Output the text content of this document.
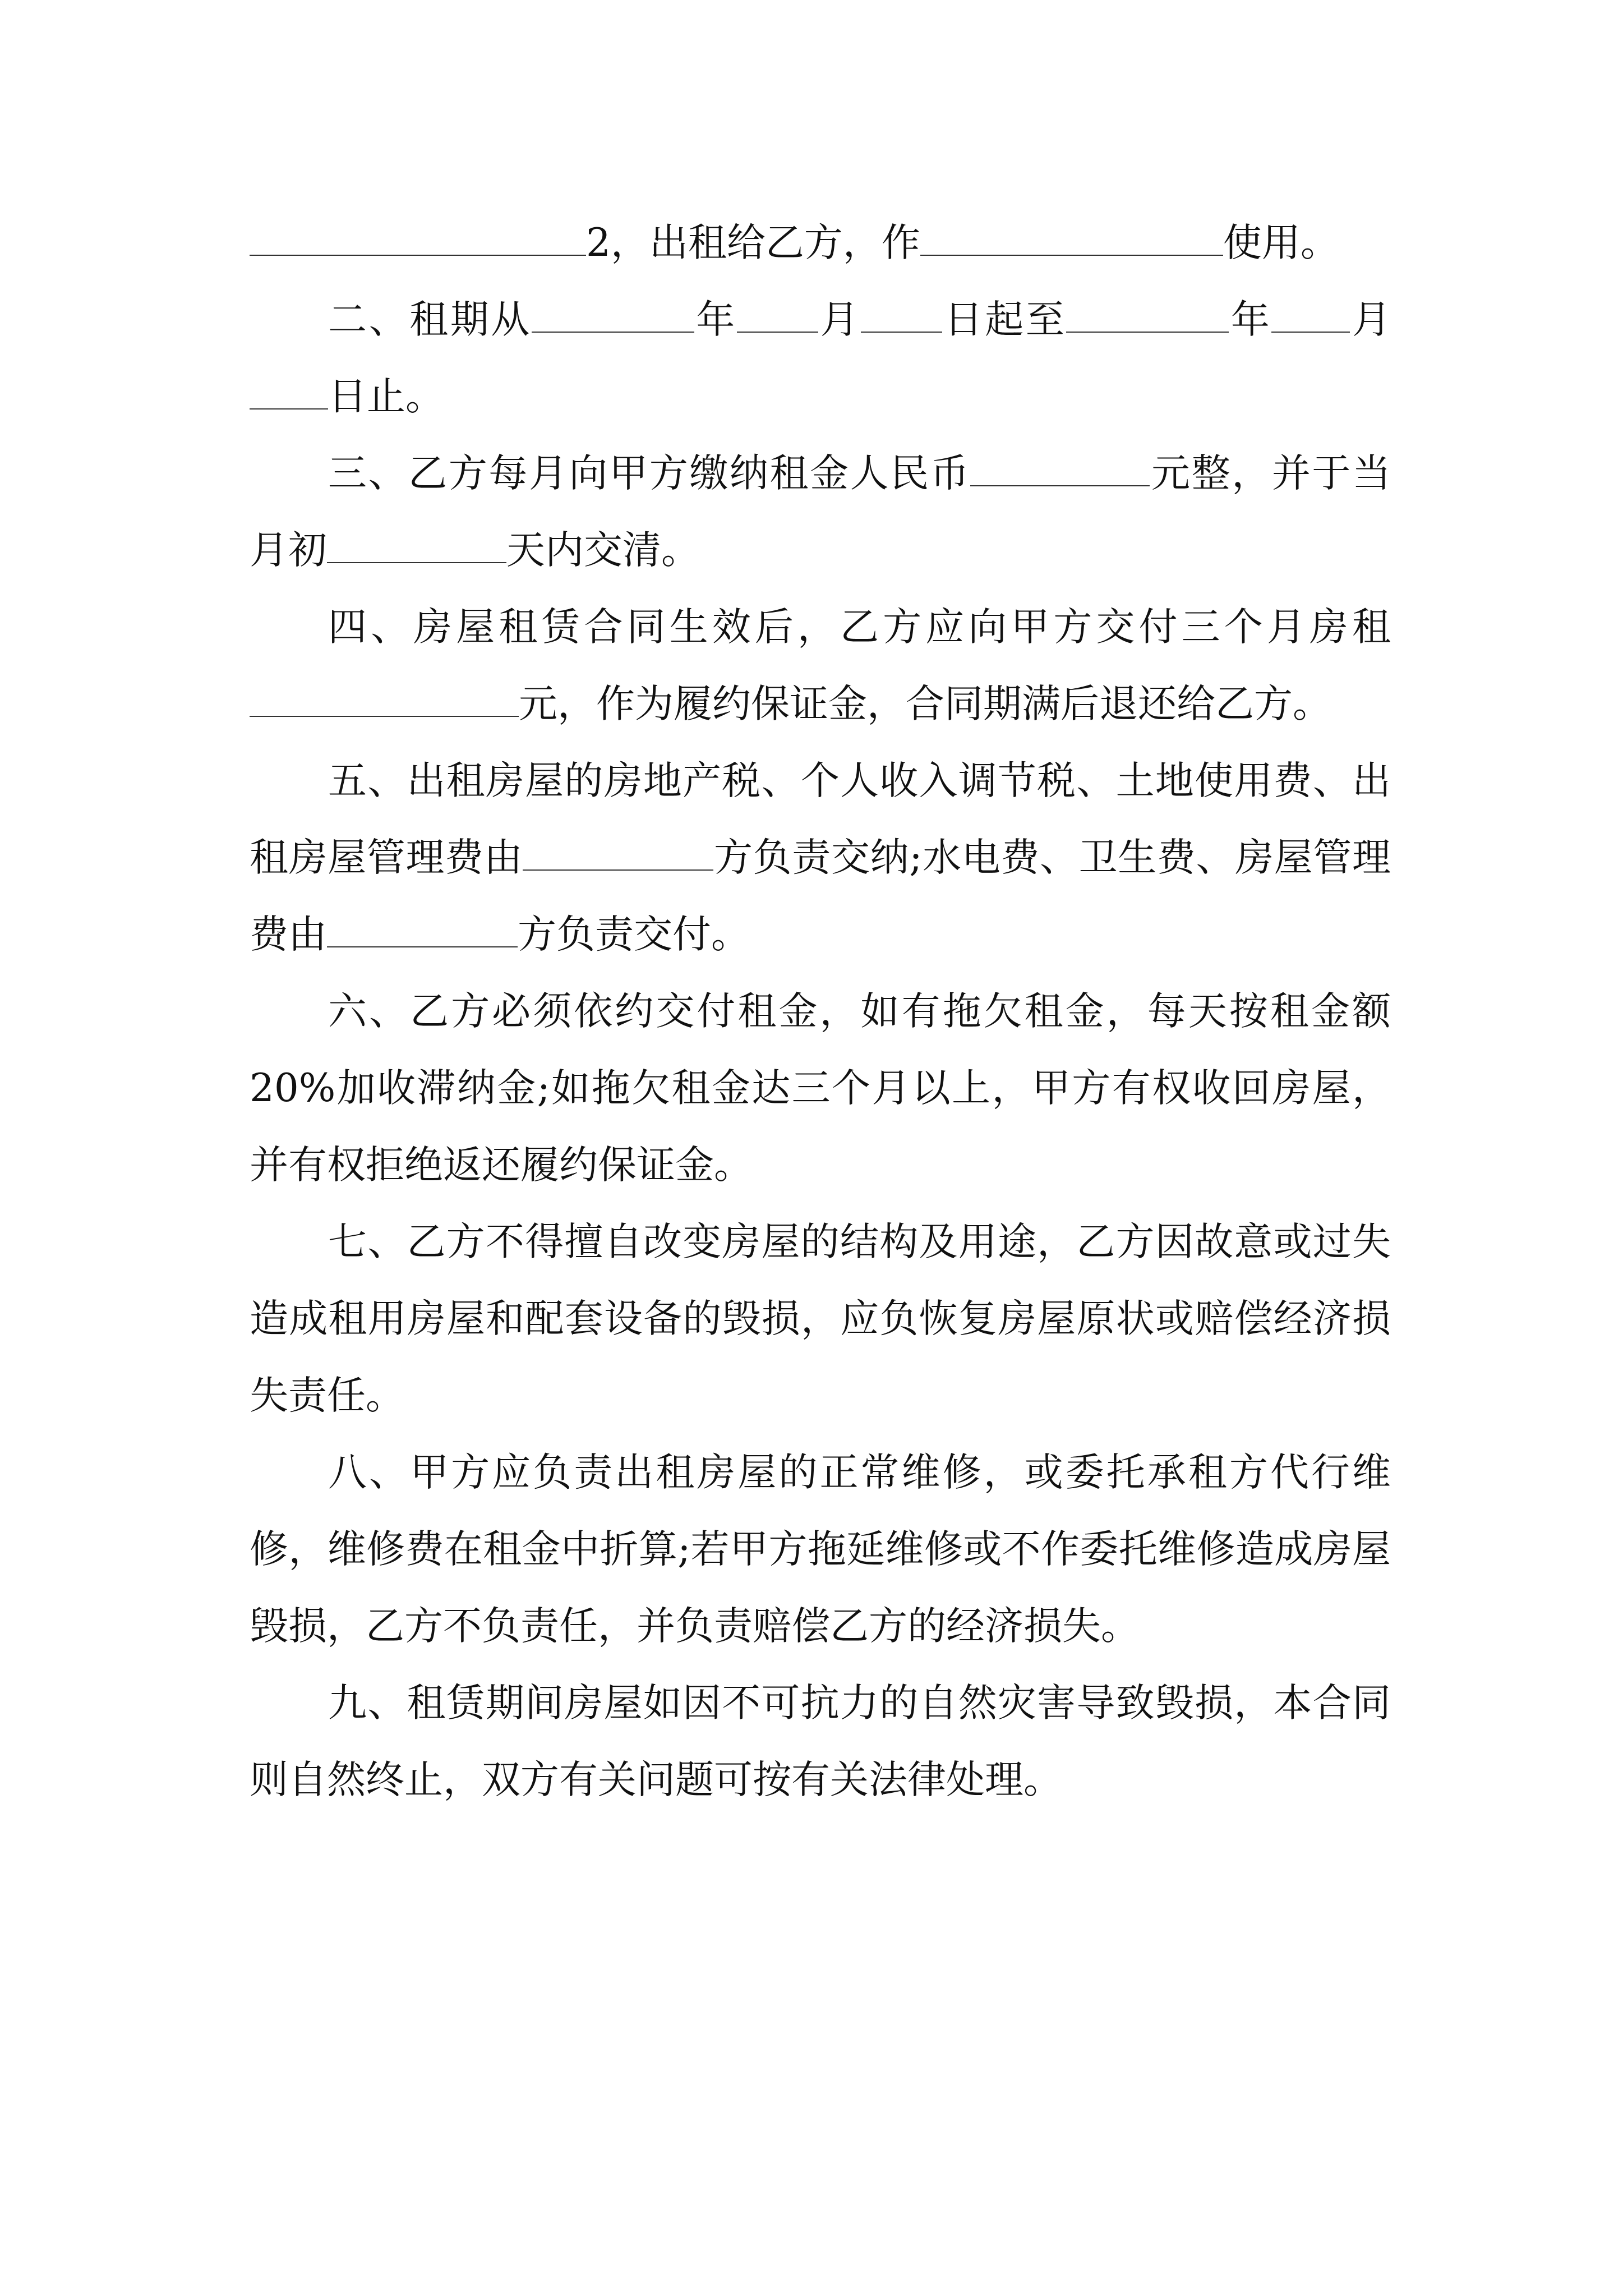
2，出租给乙方，作	使用。

二、租期从	年 月 日起至	年 月日止。

三、乙方每月向甲方缴纳租金人民币	元整，并于当月初	天内交清。

四、房屋租赁合同生效后，乙方应向甲方交付三个月房租元，作为履约保证金，合同期满后退还给乙方。

五、出租房屋的房地产税、个人收入调节税、土地使用费、出租房屋管理费由	方负责交纳;水电费、卫生费、房屋管理费由	方负责交付。

六、乙方必须依约交付租金，如有拖欠租金，每天按租金额 20%加收滞纳金;如拖欠租金达三个月以上，甲方有权收回房屋，并有权拒绝返还履约保证金。

七、乙方不得擅自改变房屋的结构及用途，乙方因故意或过失造成租用房屋和配套设备的毁损，应负恢复房屋原状或赔偿经济损失责任。

八、甲方应负责出租房屋的正常维修，或委托承租方代行维修，维修费在租金中折算;若甲方拖延维修或不作委托维修造成房屋毁损，乙方不负责任，并负责赔偿乙方的经济损失。

九、租赁期间房屋如因不可抗力的自然灾害导致毁损，本合同则自然终止，双方有关问题可按有关法律处理。
